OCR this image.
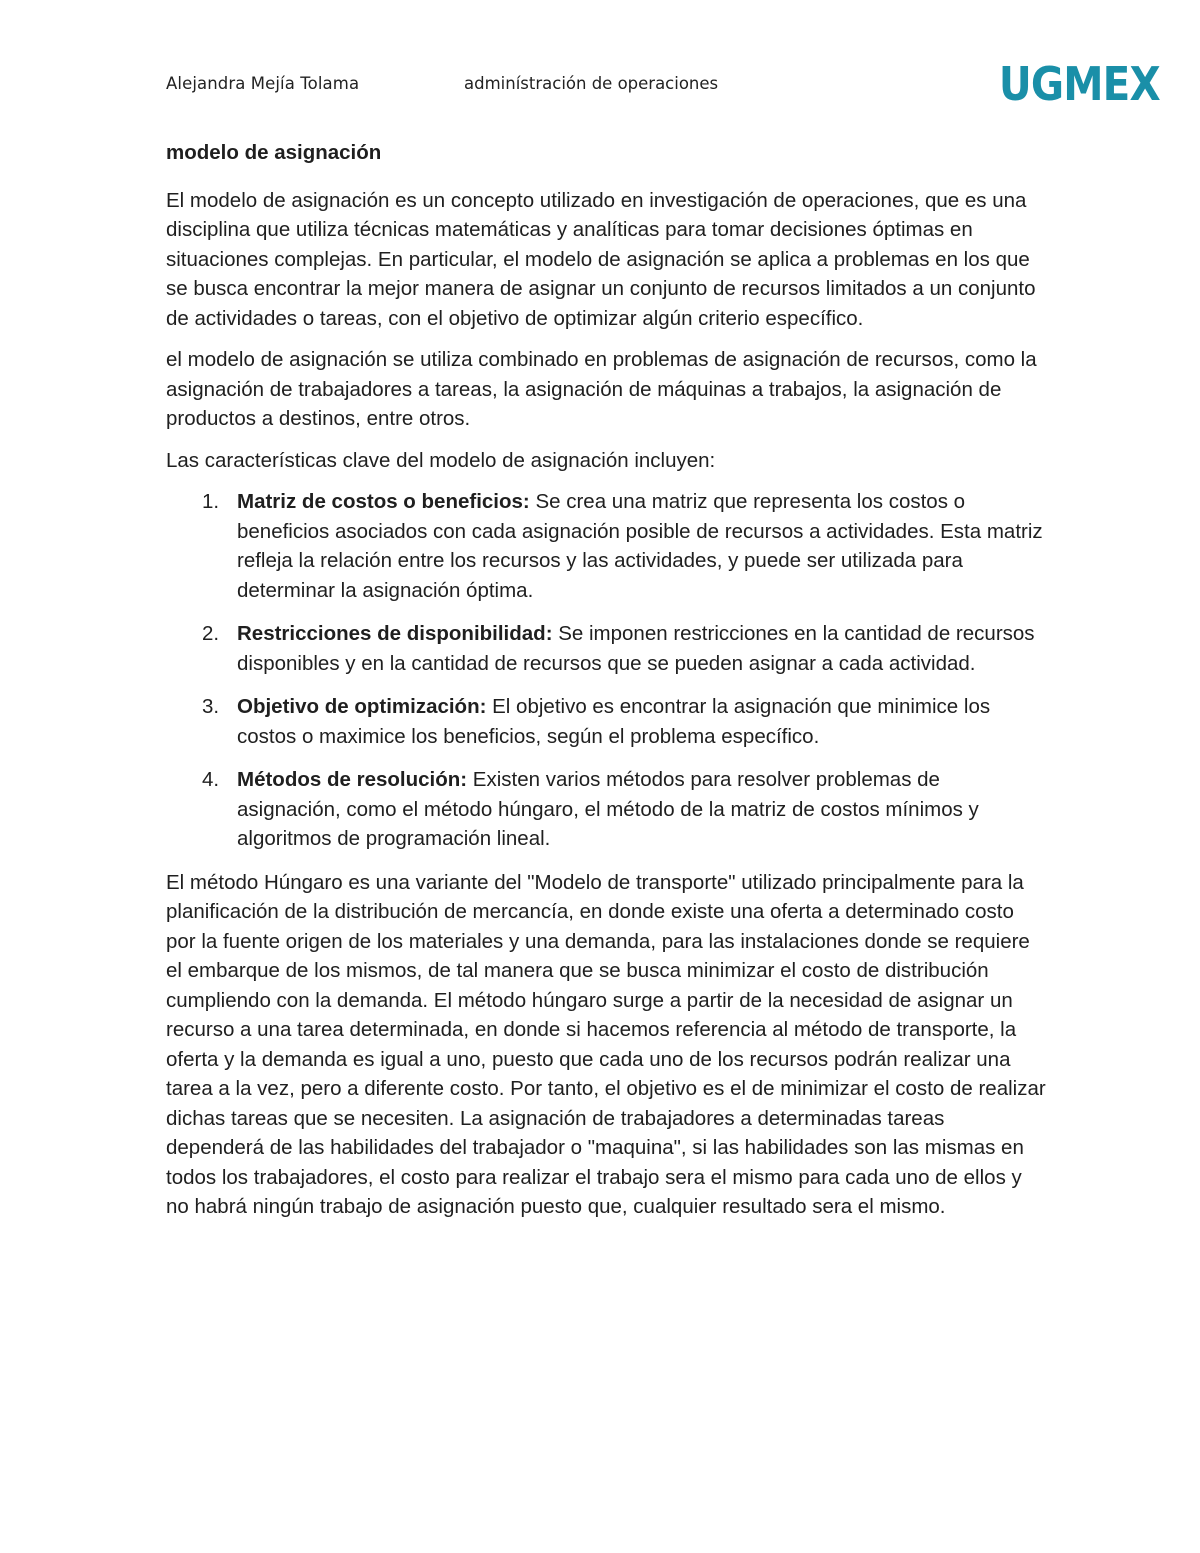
Alejandra Mejía Tolama	adminístración de operaciones	UGMEX

modelo de asignación

El modelo de asignación es un concepto utilizado en investigación de operaciones, que es una disciplina que utiliza técnicas matemáticas y analíticas para tomar decisiones óptimas en situaciones complejas. En particular, el modelo de asignación se aplica a problemas en los que se busca encontrar la mejor manera de asignar un conjunto de recursos limitados a un conjunto de actividades o tareas, con el objetivo de optimizar algún criterio específico.

el modelo de asignación se utiliza combinado en problemas de asignación de recursos, como la asignación de trabajadores a tareas, la asignación de máquinas a trabajos, la asignación de productos a destinos, entre otros.

Las características clave del modelo de asignación incluyen:

1. Matriz de costos o beneficios: Se crea una matriz que representa los costos o beneficios asociados con cada asignación posible de recursos a actividades. Esta matriz refleja la relación entre los recursos y las actividades, y puede ser utilizada para determinar la asignación óptima.
2. Restricciones de disponibilidad: Se imponen restricciones en la cantidad de recursos disponibles y en la cantidad de recursos que se pueden asignar a cada actividad.
3. Objetivo de optimización: El objetivo es encontrar la asignación que minimice los costos o maximice los beneficios, según el problema específico.
4. Métodos de resolución: Existen varios métodos para resolver problemas de asignación, como el método húngaro, el método de la matriz de costos mínimos y algoritmos de programación lineal.

El método Húngaro es una variante del "Modelo de transporte" utilizado principalmente para la planificación de la distribución de mercancía, en donde existe una oferta a determinado costo por la fuente origen de los materiales y una demanda, para las instalaciones donde se requiere el embarque de los mismos, de tal manera que se busca minimizar el costo de distribución cumpliendo con la demanda. El método húngaro surge a partir de la necesidad de asignar un recurso a una tarea determinada, en donde si hacemos referencia al método de transporte, la oferta y la demanda es igual a uno, puesto que cada uno de los recursos podrán realizar una tarea a la vez, pero a diferente costo. Por tanto, el objetivo es el de minimizar el costo de realizar dichas tareas que se necesiten. La asignación de trabajadores a determinadas tareas dependerá de las habilidades del trabajador o "maquina", si las habilidades son las mismas en todos los trabajadores, el costo para realizar el trabajo sera el mismo para cada uno de ellos y no habrá ningún trabajo de asignación puesto que, cualquier resultado sera el mismo.
